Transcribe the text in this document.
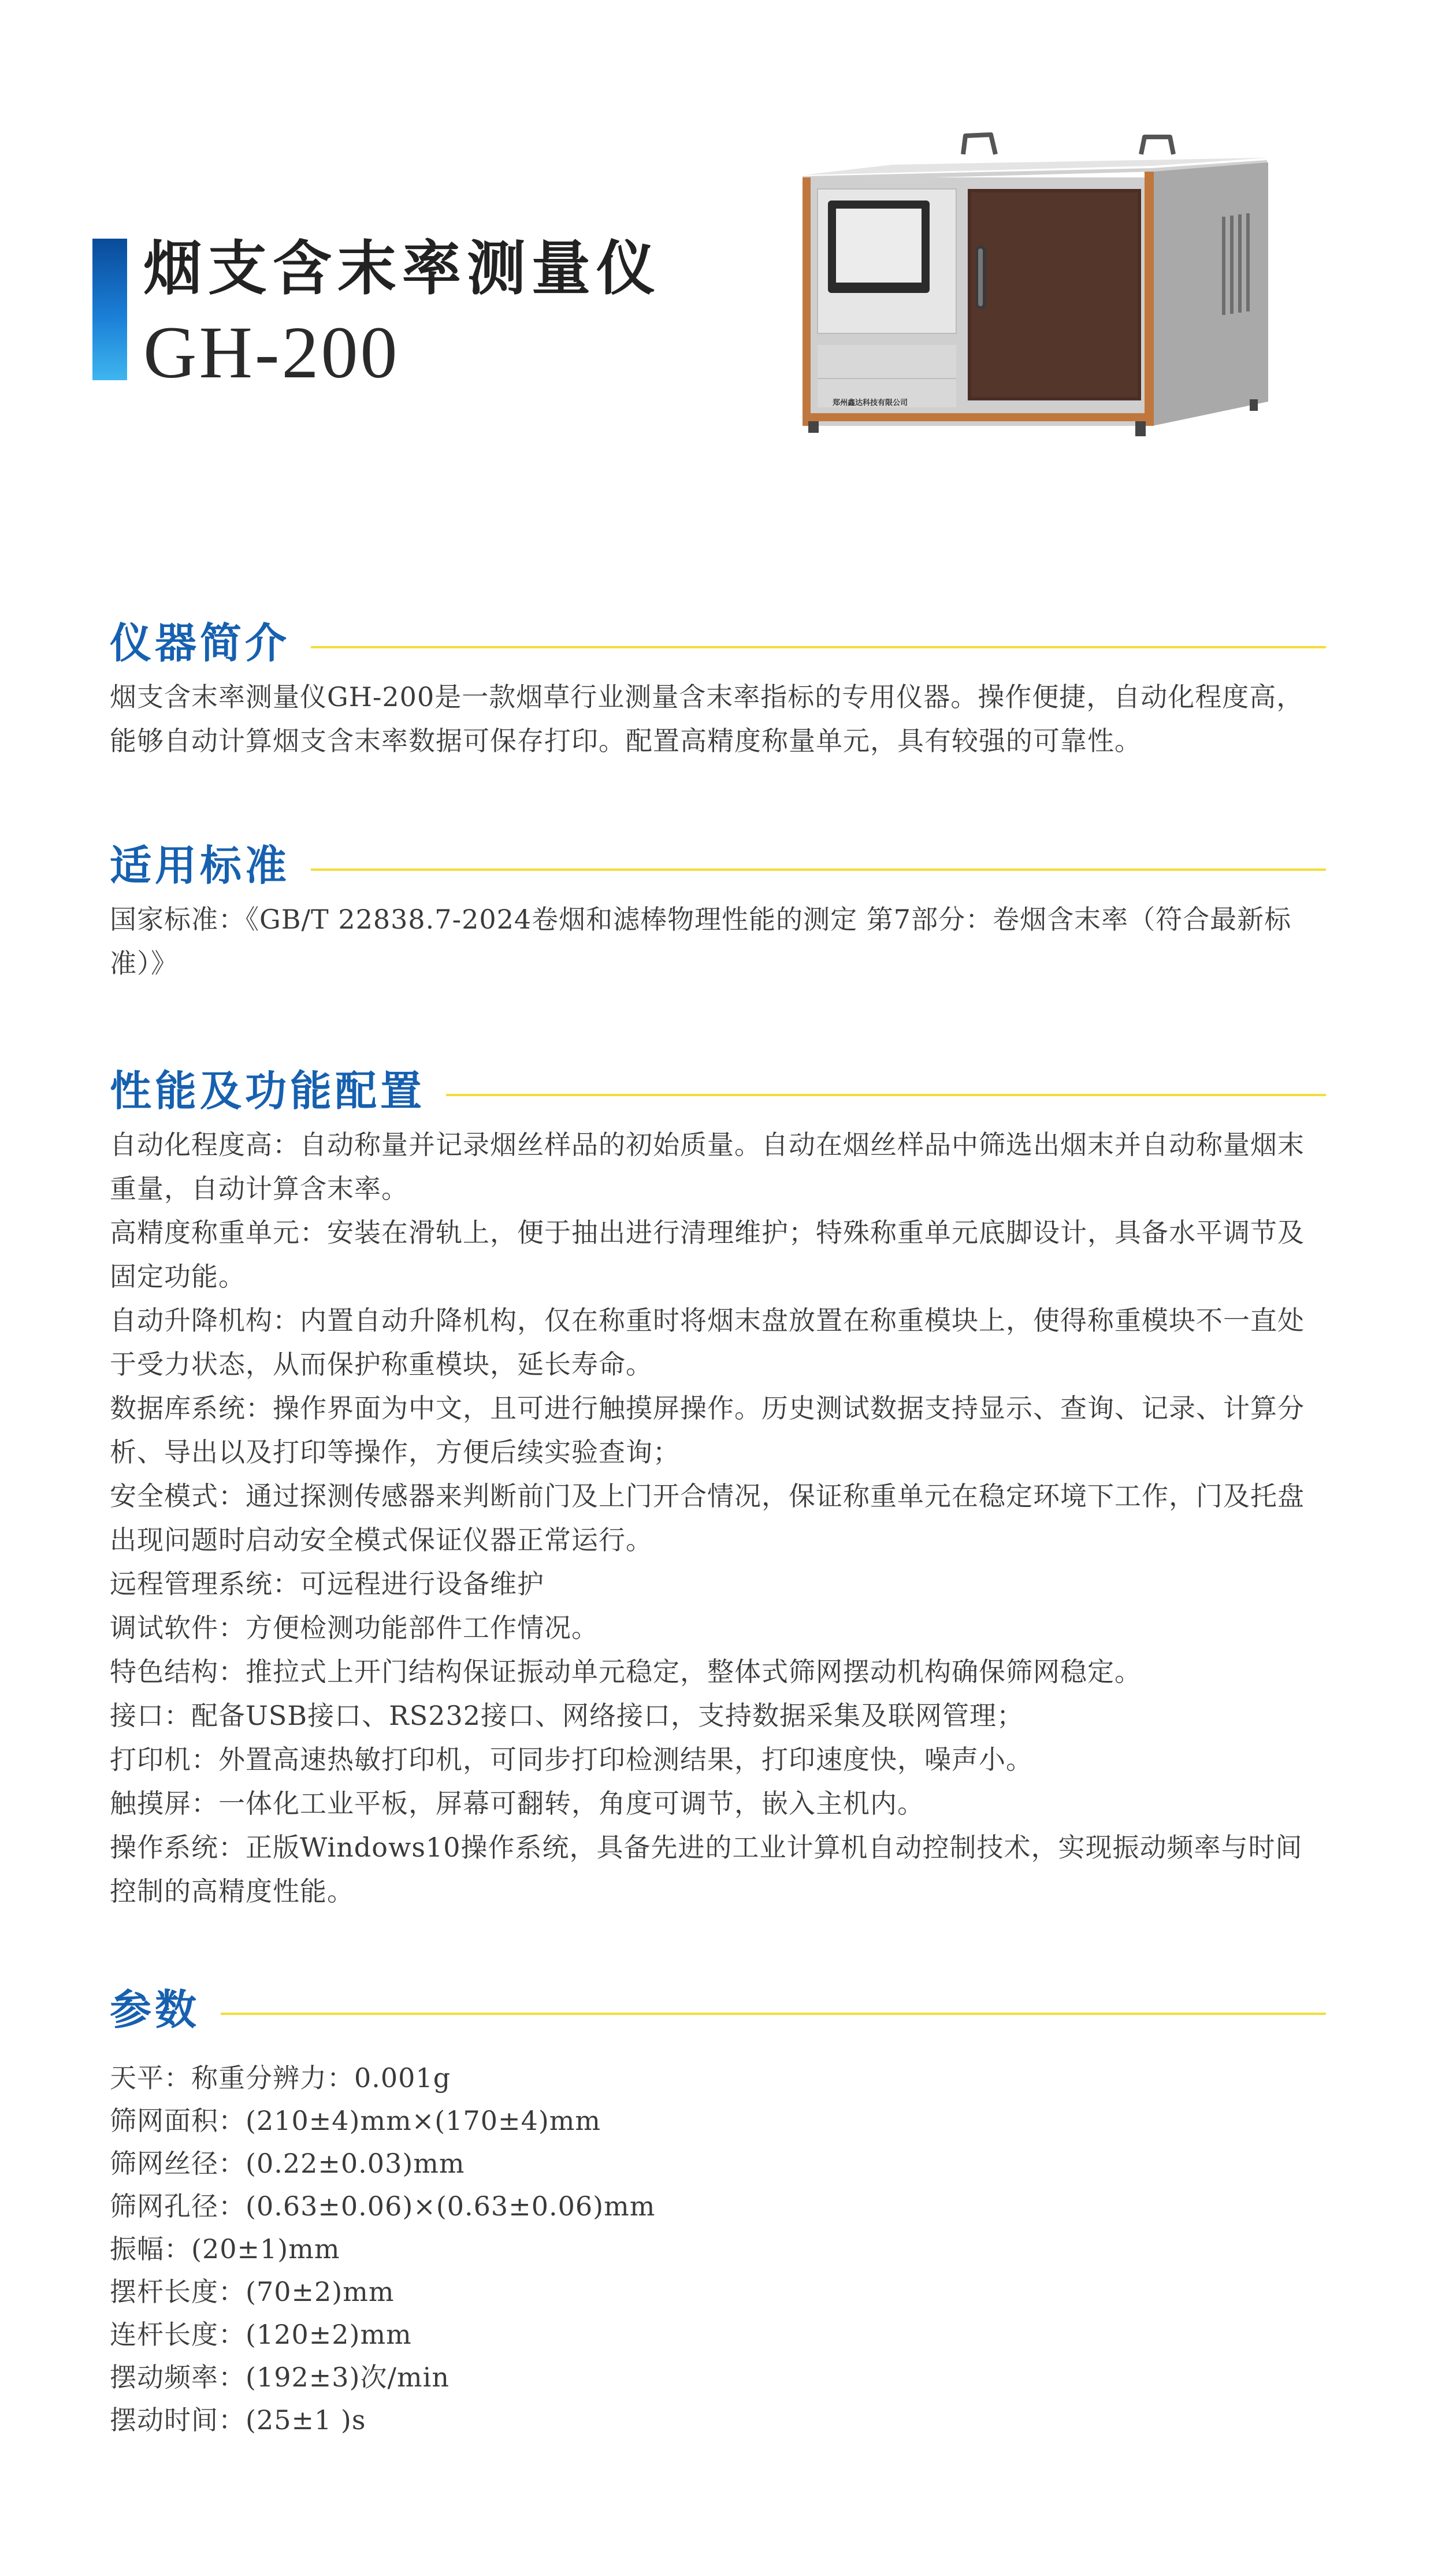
烟支含末率测量仪
GH-200
郑州鑫达科技有限公司
仪器简介

烟支含末率测量仪GH-200是一款烟草行业测量含末率指标的专用仪器。操作便捷，自动化程度高，能够自动计算烟支含末率数据可保存打印。配置高精度称量单元，具有较强的可靠性。

适用标准

国家标准：《GB/T 22838.7-2024卷烟和滤棒物理性能的测定 第7部分：卷烟含末率（符合最新标准）》

性能及功能配置

自动化程度高：自动称量并记录烟丝样品的初始质量。自动在烟丝样品中筛选出烟末并自动称量烟末重量，自动计算含末率。

高精度称重单元：安装在滑轨上，便于抽出进行清理维护；特殊称重单元底脚设计，具备水平调节及固定功能。

自动升降机构：内置自动升降机构，仅在称重时将烟末盘放置在称重模块上，使得称重模块不一直处于受力状态，从而保护称重模块，延长寿命。

数据库系统：操作界面为中文，且可进行触摸屏操作。历史测试数据支持显示、查询、记录、计算分析、导出以及打印等操作，方便后续实验查询；

安全模式：通过探测传感器来判断前门及上门开合情况，保证称重单元在稳定环境下工作，门及托盘出现问题时启动安全模式保证仪器正常运行。

远程管理系统：可远程进行设备维护

调试软件：方便检测功能部件工作情况。

特色结构：推拉式上开门结构保证振动单元稳定，整体式筛网摆动机构确保筛网稳定。

接口：配备USB接口、RS232接口、网络接口，支持数据采集及联网管理；

打印机：外置高速热敏打印机，可同步打印检测结果，打印速度快，噪声小。

触摸屏：一体化工业平板，屏幕可翻转，角度可调节，嵌入主机内。

操作系统：正版Windows10操作系统，具备先进的工业计算机自动控制技术，实现振动频率与时间控制的高精度性能。

参数

天平：称重分辨力：0.001g

筛网面积：(210±4)mm×(170±4)mm

筛网丝径：(0.22±0.03)mm

筛网孔径：(0.63±0.06)×(0.63±0.06)mm

振幅：(20±1)mm

摆杆长度：(70±2)mm

连杆长度：(120±2)mm

摆动频率：(192±3)次/min

摆动时间：(25±1 )s
